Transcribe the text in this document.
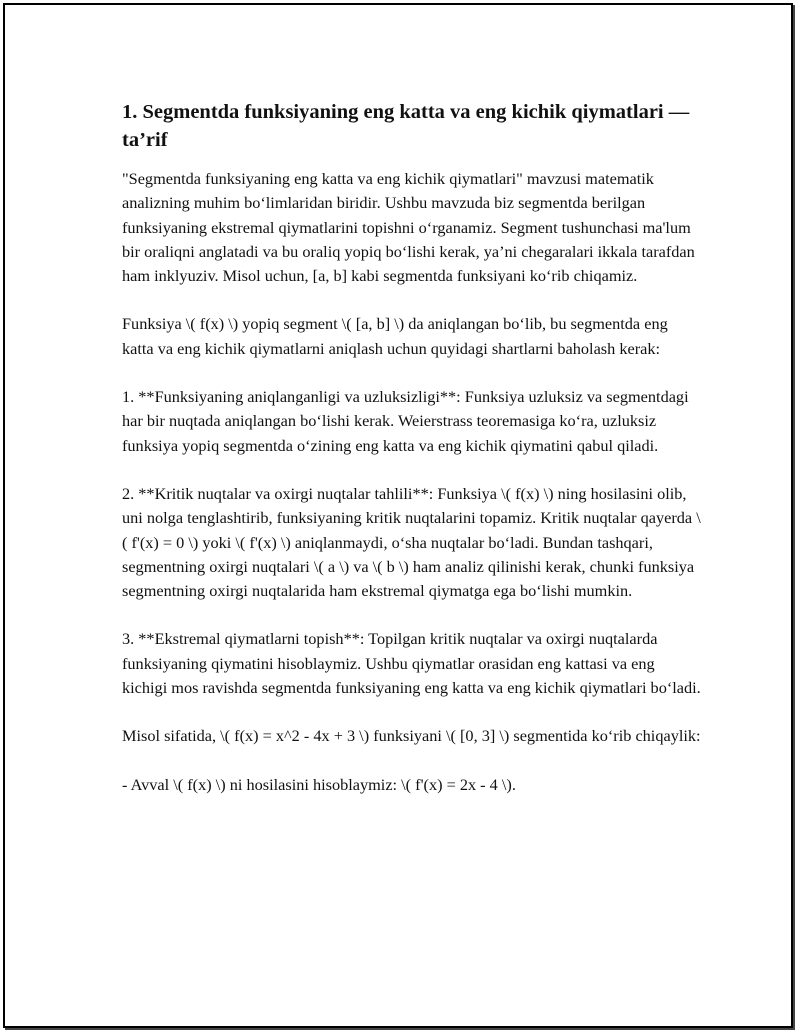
1. Segmentda funksiyaning eng katta va eng kichik qiymatlari — ta’rif

"Segmentda funksiyaning eng katta va eng kichik qiymatlari" mavzusi matematik analizning muhim bo‘limlaridan biridir. Ushbu mavzuda biz segmentda berilgan funksiyaning ekstremal qiymatlarini topishni o‘rganamiz. Segment tushunchasi ma'lum bir oraliqni anglatadi va bu oraliq yopiq bo‘lishi kerak, ya’ni chegaralari ikkala tarafdan ham inklyuziv. Misol uchun, [a, b] kabi segmentda funksiyani ko‘rib chiqamiz.

Funksiya \( f(x) \) yopiq segment \( [a, b] \) da aniqlangan bo‘lib, bu segmentda eng katta va eng kichik qiymatlarni aniqlash uchun quyidagi shartlarni baholash kerak:

1. **Funksiyaning aniqlanganligi va uzluksizligi**: Funksiya uzluksiz va segmentdagi har bir nuqtada aniqlangan bo‘lishi kerak. Weierstrass teoremasiga ko‘ra, uzluksiz funksiya yopiq segmentda o‘zining eng katta va eng kichik qiymatini qabul qiladi.

2. **Kritik nuqtalar va oxirgi nuqtalar tahlili**: Funksiya \( f(x) \) ning hosilasini olib, uni nolga tenglashtirib, funksiyaning kritik nuqtalarini topamiz. Kritik nuqtalar qayerda \( f'(x) = 0 \) yoki \( f'(x) \) aniqlanmaydi, o‘sha nuqtalar bo‘ladi. Bundan tashqari, segmentning oxirgi nuqtalari \( a \) va \( b \) ham analiz qilinishi kerak, chunki funksiya segmentning oxirgi nuqtalarida ham ekstremal qiymatga ega bo‘lishi mumkin.

3. **Ekstremal qiymatlarni topish**: Topilgan kritik nuqtalar va oxirgi nuqtalarda funksiyaning qiymatini hisoblaymiz. Ushbu qiymatlar orasidan eng kattasi va eng kichigi mos ravishda segmentda funksiyaning eng katta va eng kichik qiymatlari bo‘ladi.

Misol sifatida, \( f(x) = x^2 - 4x + 3 \) funksiyani \( [0, 3] \) segmentida ko‘rib chiqaylik:

- Avval \( f(x) \) ni hosilasini hisoblaymiz: \( f'(x) = 2x - 4 \).
